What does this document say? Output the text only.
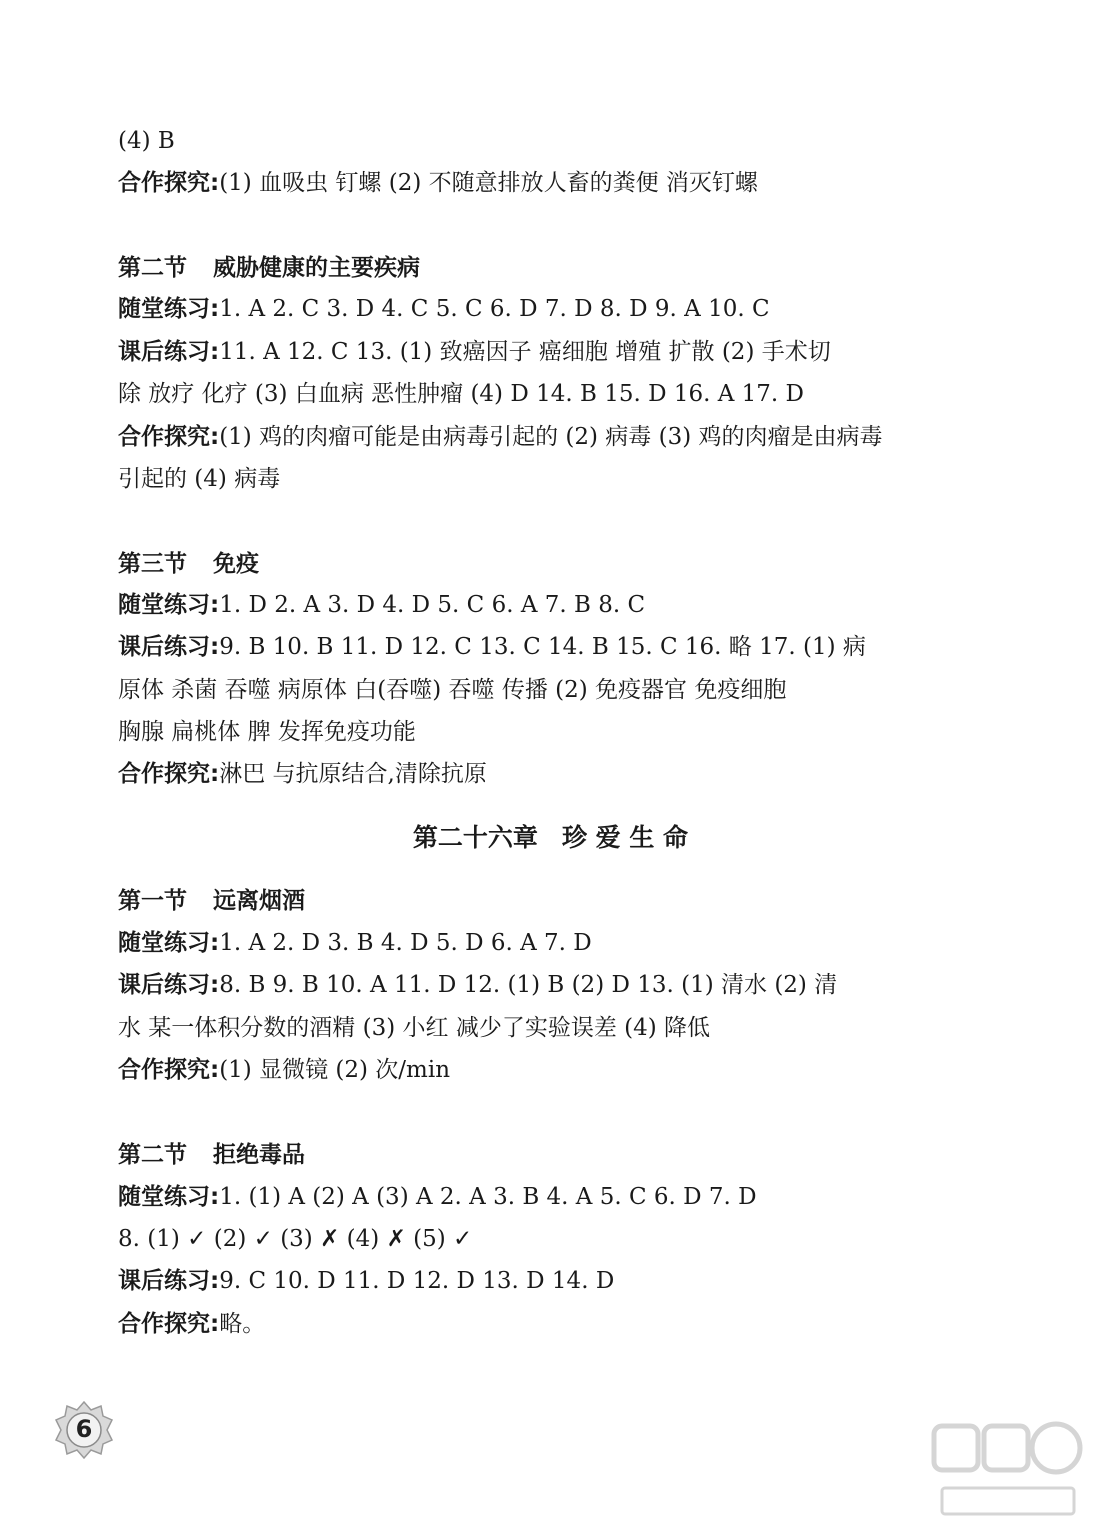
(4) B
合作探究:(1) 血吸虫 钉螺 (2) 不随意排放人畜的粪便 消灭钉螺
第二节 威胁健康的主要疾病
随堂练习:1. A 2. C 3. D 4. C 5. C 6. D 7. D 8. D 9. A 10. C
课后练习:11. A 12. C 13. (1) 致癌因子 癌细胞 增殖 扩散 (2) 手术切
除 放疗 化疗 (3) 白血病 恶性肿瘤 (4) D 14. B 15. D 16. A 17. D
合作探究:(1) 鸡的肉瘤可能是由病毒引起的 (2) 病毒 (3) 鸡的肉瘤是由病毒
引起的 (4) 病毒
第三节 免疫
随堂练习:1. D 2. A 3. D 4. D 5. C 6. A 7. B 8. C
课后练习:9. B 10. B 11. D 12. C 13. C 14. B 15. C 16. 略 17. (1) 病
原体 杀菌 吞噬 病原体 白(吞噬) 吞噬 传播 (2) 免疫器官 免疫细胞
胸腺 扁桃体 脾 发挥免疫功能
合作探究:淋巴 与抗原结合,清除抗原
第二十六章 珍 爱 生 命
第一节 远离烟酒
随堂练习:1. A 2. D 3. B 4. D 5. D 6. A 7. D
课后练习:8. B 9. B 10. A 11. D 12. (1) B (2) D 13. (1) 清水 (2) 清
水 某一体积分数的酒精 (3) 小红 减少了实验误差 (4) 降低
合作探究:(1) 显微镜 (2) 次/min
第二节 拒绝毒品
随堂练习:1. (1) A (2) A (3) A 2. A 3. B 4. A 5. C 6. D 7. D
8. (1) ✓ (2) ✓ (3) ✗ (4) ✗ (5) ✓
课后练习:9. C 10. D 11. D 12. D 13. D 14. D
合作探究:略。
6
